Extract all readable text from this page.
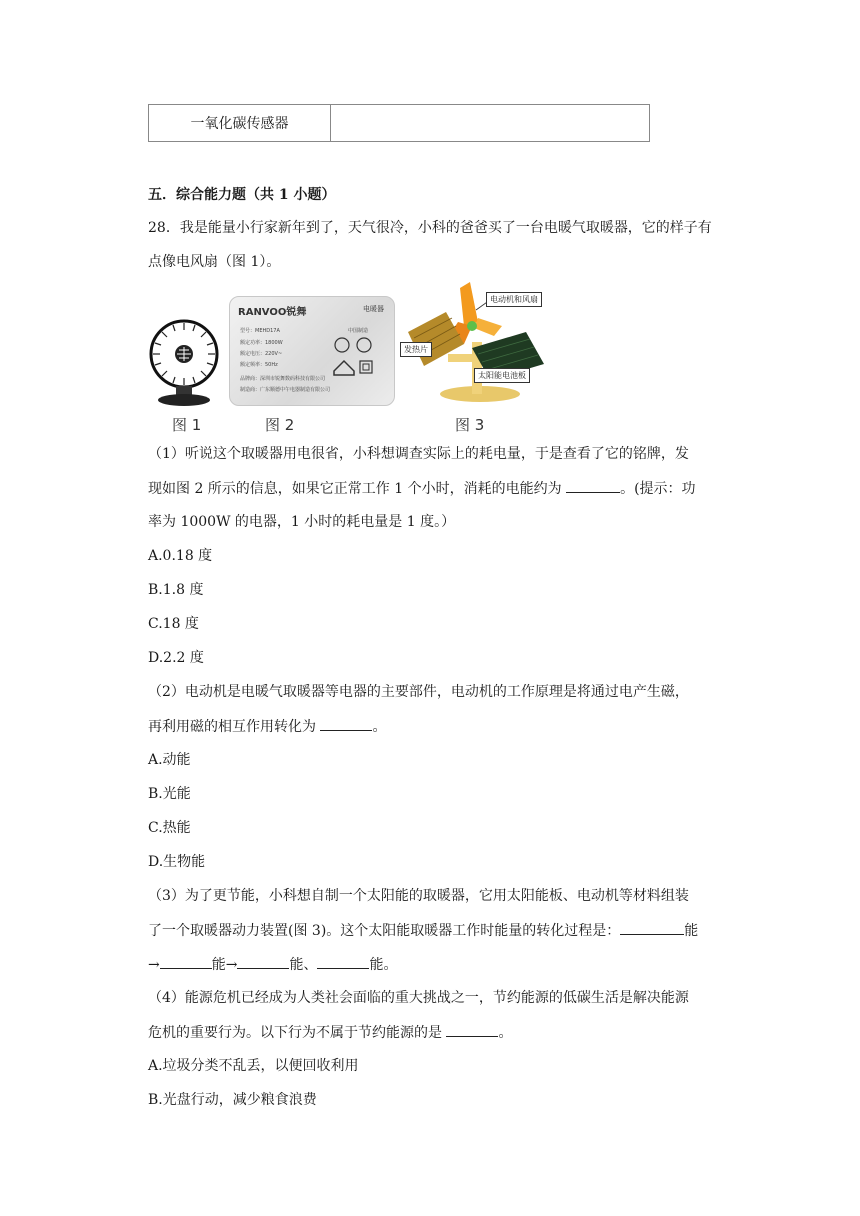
一氧化碳传感器	
五．综合能力题（共 1 小题）
28．我是能量小行家新年到了，天气很冷，小科的爸爸买了一台电暖气取暖器，它的样子有
点像电风扇（图 1）。
图 1
RANVOO锐舞	电暖器
型号：MEHD17A
额定功率：1800W
额定电压：220V~
额定频率：50Hz
品牌商：深圳市锐舞数码科技有限公司
制造商：广东顺德中午电器制造有限公司
中国制造
图 2
电动机和风扇
发热片
太阳能电池板
图 3
（1）听说这个取暖器用电很省，小科想调查实际上的耗电量，于是查看了它的铭牌，发
现如图 2 所示的信息，如果它正常工作 1 个小时，消耗的电能约为	。(提示：功
率为 1000W 的电器，1 小时的耗电量是 1 度。）
A.0.18 度
B.1.8 度
C.18 度
D.2.2 度
（2）电动机是电暖气取暖器等电器的主要部件，电动机的工作原理是将通过电产生磁，
再利用磁的相互作用转化为	。
A.动能
B.光能
C.热能
D.生物能
（3）为了更节能，小科想自制一个太阳能的取暖器，它用太阳能板、电动机等材料组装
了一个取暖器动力装置(图 3)。这个太阳能取暖器工作时能量的转化过程是：	能
→	能→	能、	能。
（4）能源危机已经成为人类社会面临的重大挑战之一，节约能源的低碳生活是解决能源
危机的重要行为。以下行为不属于节约能源的是	。
A.垃圾分类不乱丢，以便回收利用
B.光盘行动，减少粮食浪费
